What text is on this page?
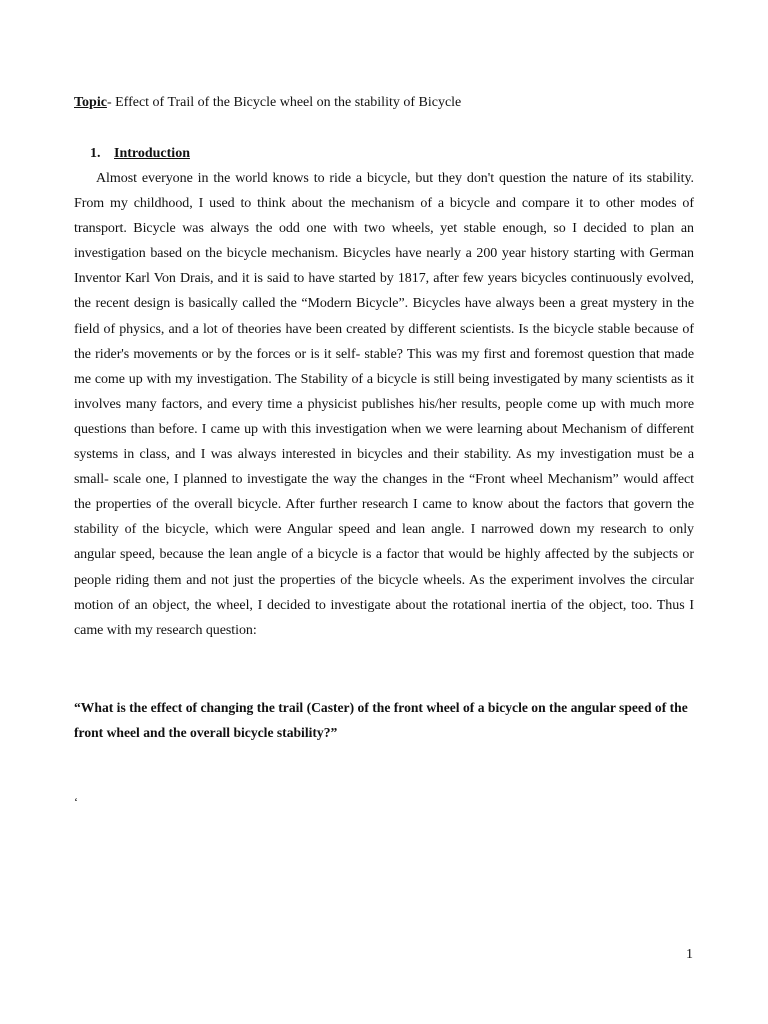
Topic- Effect of Trail of the Bicycle wheel on the stability of Bicycle
1. Introduction

Almost everyone in the world knows to ride a bicycle, but they don't question the nature of its stability. From my childhood, I used to think about the mechanism of a bicycle and compare it to other modes of transport. Bicycle was always the odd one with two wheels, yet stable enough, so I decided to plan an investigation based on the bicycle mechanism. Bicycles have nearly a 200 year history starting with German Inventor Karl Von Drais, and it is said to have started by 1817, after few years bicycles continuously evolved, the recent design is basically called the “Modern Bicycle”. Bicycles have always been a great mystery in the field of physics, and a lot of theories have been created by different scientists. Is the bicycle stable because of the rider's movements or by the forces or is it self- stable? This was my first and foremost question that made me come up with my investigation. The Stability of a bicycle is still being investigated by many scientists as it involves many factors, and every time a physicist publishes his/her results, people come up with much more questions than before. I came up with this investigation when we were learning about Mechanism of different systems in class, and I was always interested in bicycles and their stability. As my investigation must be a small- scale one, I planned to investigate the way the changes in the “Front wheel Mechanism” would affect the properties of the overall bicycle. After further research I came to know about the factors that govern the stability of the bicycle, which were Angular speed and lean angle. I narrowed down my research to only angular speed, because the lean angle of a bicycle is a factor that would be highly affected by the subjects or people riding them and not just the properties of the bicycle wheels. As the experiment involves the circular motion of an object, the wheel, I decided to investigate about the rotational inertia of the object, too. Thus I came with my research question:

“What is the effect of changing the trail (Caster) of the front wheel of a bicycle on the angular speed of the front wheel and the overall bicycle stability?”

‘
1
